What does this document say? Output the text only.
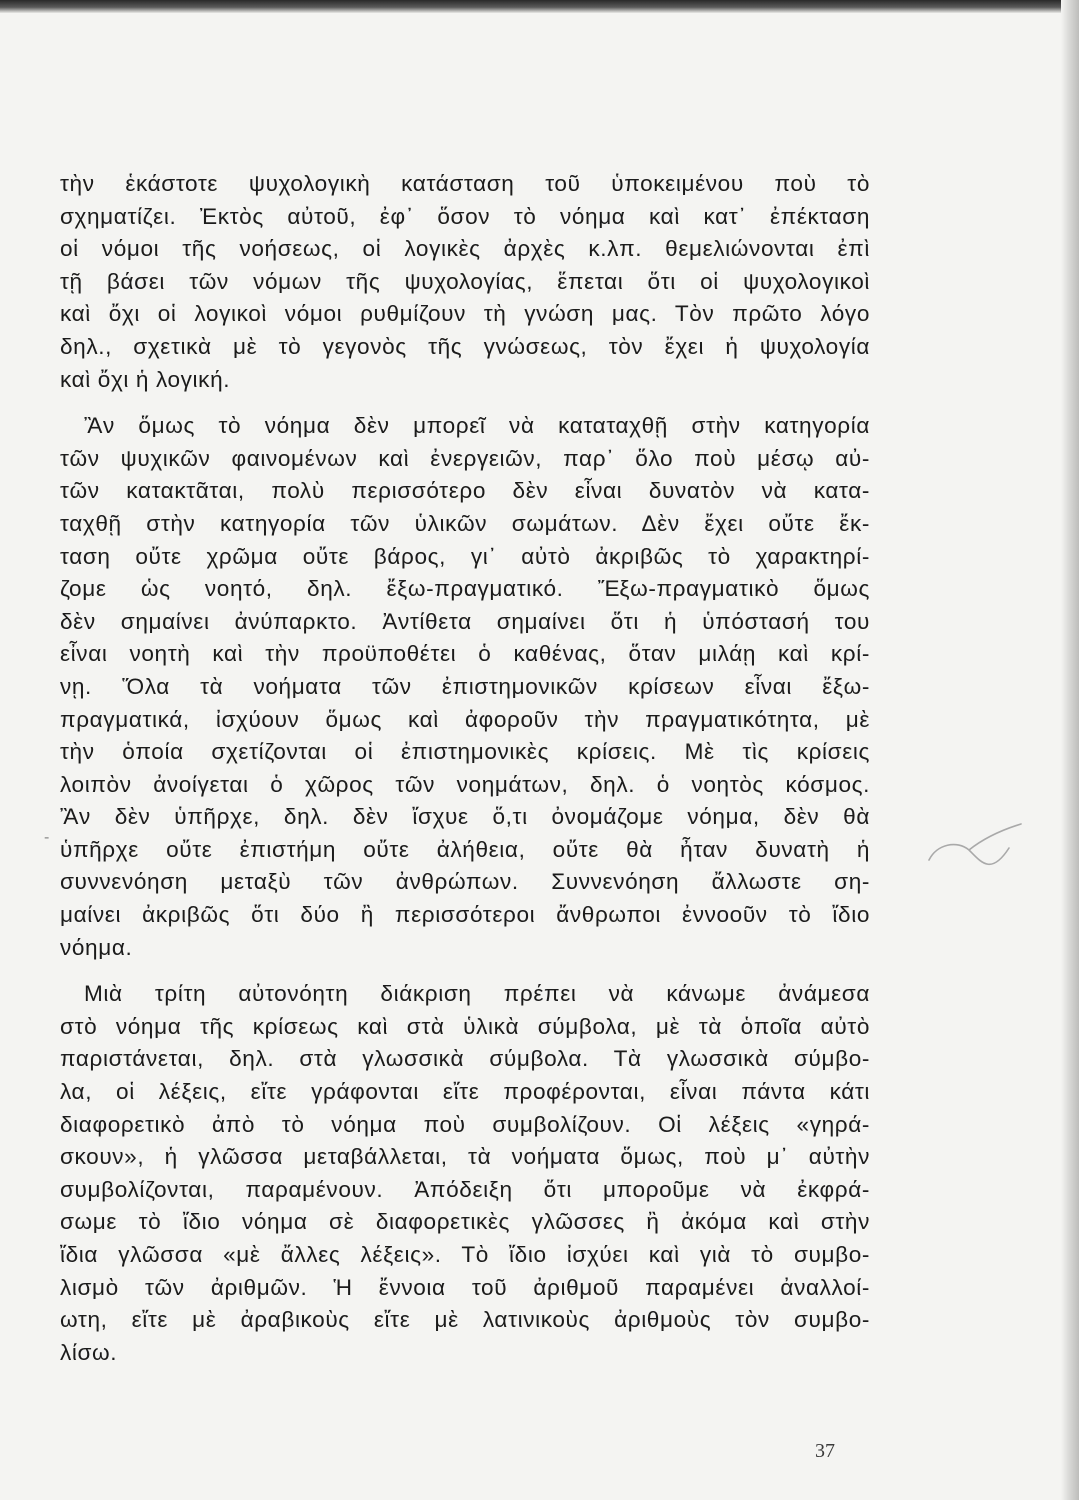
τὴν ἑκάστοτε ψυχολογικὴ κατάσταση τοῦ ὑποκειμένου ποὺ τὸ
σχηματίζει. Ἐκτὸς αὐτοῦ, ἐφ᾽ ὅσον τὸ νόημα καὶ κατ᾽ ἐπέκταση
οἱ νόμοι τῆς νοήσεως, οἱ λογικὲς ἀρχὲς κ.λπ. θεμελιώνονται ἐπὶ
τῇ βάσει τῶν νόμων τῆς ψυχολογίας, ἕπεται ὅτι οἱ ψυχολογικοὶ
καὶ ὄχι οἱ λογικοὶ νόμοι ρυθμίζουν τὴ γνώση μας. Τὸν πρῶτο λόγο
δηλ., σχετικὰ μὲ τὸ γεγονὸς τῆς γνώσεως, τὸν ἔχει ἡ ψυχολογία
καὶ ὄχι ἡ λογική.

Ἂν ὅμως τὸ νόημα δὲν μπορεῖ νὰ καταταχθῇ στὴν κατηγορία
τῶν ψυχικῶν φαινομένων καὶ ἐνεργειῶν, παρ᾽ ὅλο ποὺ μέσῳ αὐ-
τῶν κατακτᾶται, πολὺ περισσότερο δὲν εἶναι δυνατὸν νὰ κατα-
ταχθῇ στὴν κατηγορία τῶν ὑλικῶν σωμάτων. Δὲν ἔχει οὔτε ἔκ-
ταση οὔτε χρῶμα οὔτε βάρος, γι᾽ αὐτὸ ἀκριβῶς τὸ χαρακτηρί-
ζομε ὡς νοητό, δηλ. ἔξω-πραγματικό. Ἔξω-πραγματικὸ ὅμως
δὲν σημαίνει ἀνύπαρκτο. Ἀντίθετα σημαίνει ὅτι ἡ ὑπόστασή του
εἶναι νοητὴ καὶ τὴν προϋποθέτει ὁ καθένας, ὅταν μιλάῃ καὶ κρί-
νῃ. Ὅλα τὰ νοήματα τῶν ἐπιστημονικῶν κρίσεων εἶναι ἔξω-
πραγματικά, ἰσχύουν ὅμως καὶ ἀφοροῦν τὴν πραγματικότητα, μὲ
τὴν ὁποία σχετίζονται οἱ ἐπιστημονικὲς κρίσεις. Μὲ τὶς κρίσεις
λοιπὸν ἀνοίγεται ὁ χῶρος τῶν νοημάτων, δηλ. ὁ νοητὸς κόσμος.
Ἂν δὲν ὑπῆρχε, δηλ. δὲν ἴσχυε ὅ,τι ὀνομάζομε νόημα, δὲν θὰ
ὑπῆρχε οὔτε ἐπιστήμη οὔτε ἀλήθεια, οὔτε θὰ ἦταν δυνατὴ ἡ
συννενόηση μεταξὺ τῶν ἀνθρώπων. Συννενόηση ἄλλωστε ση-
μαίνει ἀκριβῶς ὅτι δύο ἢ περισσότεροι ἄνθρωποι ἐννοοῦν τὸ ἴδιο
νόημα.

Μιὰ τρίτη αὐτονόητη διάκριση πρέπει νὰ κάνωμε ἀνάμεσα
στὸ νόημα τῆς κρίσεως καὶ στὰ ὑλικὰ σύμβολα, μὲ τὰ ὁποῖα αὐτὸ
παριστάνεται, δηλ. στὰ γλωσσικὰ σύμβολα. Τὰ γλωσσικὰ σύμβο-
λα, οἱ λέξεις, εἴτε γράφονται εἴτε προφέρονται, εἶναι πάντα κάτι
διαφορετικὸ ἀπὸ τὸ νόημα ποὺ συμβολίζουν. Οἱ λέξεις «γηρά-
σκουν», ἡ γλῶσσα μεταβάλλεται, τὰ νοήματα ὅμως, ποὺ μ᾽ αὐτὴν
συμβολίζονται, παραμένουν. Ἀπόδειξη ὅτι μποροῦμε νὰ ἐκφρά-
σωμε τὸ ἴδιο νόημα σὲ διαφορετικὲς γλῶσσες ἢ ἀκόμα καὶ στὴν
ἴδια γλῶσσα «μὲ ἄλλες λέξεις». Τὸ ἴδιο ἰσχύει καὶ γιὰ τὸ συμβο-
λισμὸ τῶν ἀριθμῶν. Ἡ ἔννοια τοῦ ἀριθμοῦ παραμένει ἀναλλοί-
ωτη, εἴτε μὲ ἀραβικοὺς εἴτε μὲ λατινικοὺς ἀριθμοὺς τὸν συμβο-
λίσω.

-
37
